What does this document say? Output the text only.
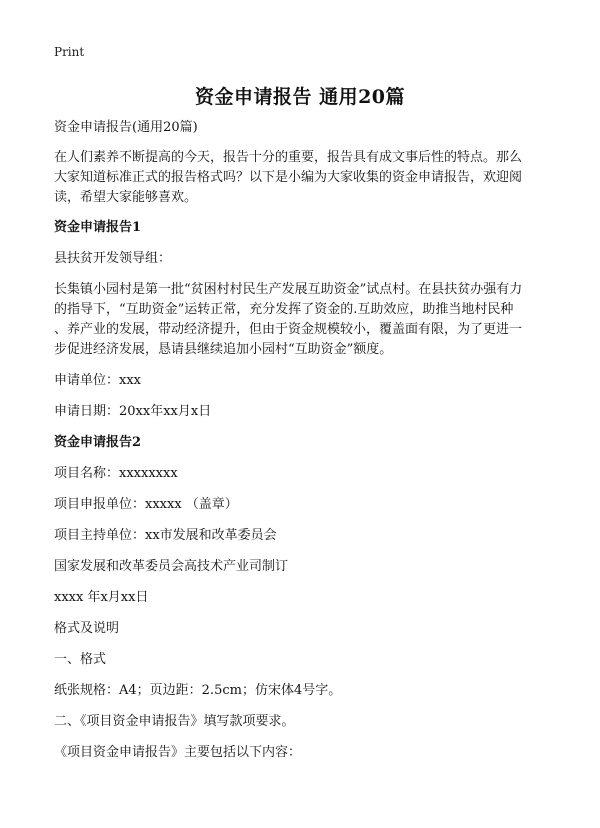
Print
资金申请报告 通用20篇

资金申请报告(通用20篇)

在人们素养不断提高的今天，报告十分的重要，报告具有成文事后性的特点。那么
大家知道标准正式的报告格式吗？以下是小编为大家收集的资金申请报告，欢迎阅
读，希望大家能够喜欢。

资金申请报告1

县扶贫开发领导组：

长集镇小园村是第一批“贫困村村民生产发展互助资金”试点村。在县扶贫办强有力
的指导下，“互助资金”运转正常，充分发挥了资金的.互助效应，助推当地村民种
、养产业的发展，带动经济提升，但由于资金规模较小，覆盖面有限，为了更进一
步促进经济发展，恳请县继续追加小园村“互助资金”额度。

申请单位：xxx

申请日期：20xx年xx月x日

资金申请报告2

项目名称：xxxxxxxx

项目申报单位：xxxxx （盖章）

项目主持单位：xx市发展和改革委员会

国家发展和改革委员会高技术产业司制订

xxxx 年x月xx日

格式及说明

一、格式

纸张规格：A4；页边距：2.5cm；仿宋体4号字。

二、《项目资金申请报告》填写款项要求。

《项目资金申请报告》主要包括以下内容：
